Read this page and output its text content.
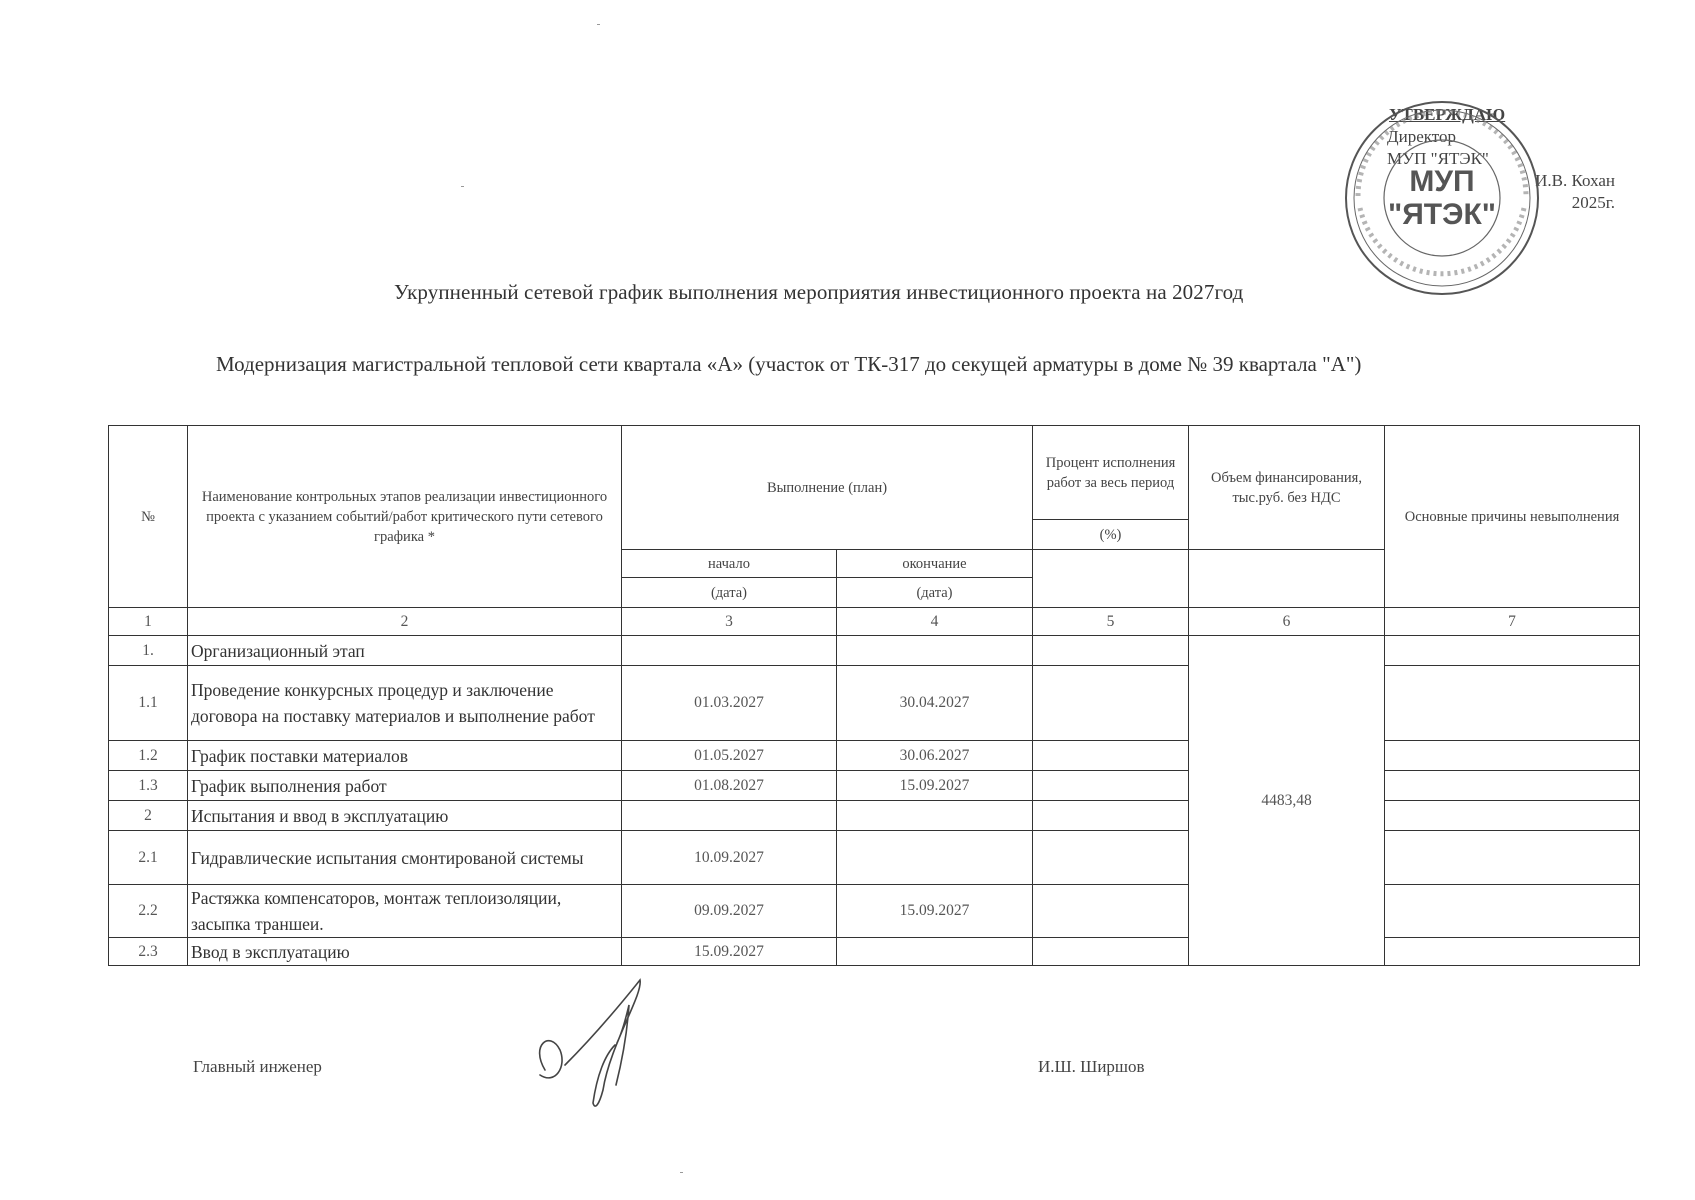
УТВЕРЖДАЮ
Директор
МУП "ЯТЭК"
И.В. Кохан
2025г.
МУП
"ЯТЭК"
Укрупненный сетевой график выполнения мероприятия инвестиционного проекта на 2027год
Модернизация магистральной тепловой сети квартала «А» (участок от ТК-317 до секущей арматуры в доме № 39 квартала "А")
№	Наименование контрольных этапов реализации инвестиционного проекта с указанием событий/работ критического пути сетевого графика *	Выполнение (план)		Процент исполнения работ за весь период	Объем финансирования, тыс.руб. без НДС	Основные причины невыполнения
				(%)		
		начало	окончание			
		(дата)	(дата)			
1	2	3	4	5	6	7
1.	Организационный этап				4483,48	
1.1	Проведение конкурсных процедур и заключение договора на поставку материалов и выполнение работ	01.03.2027	30.04.2027			
1.2	График поставки материалов	01.05.2027	30.06.2027			
1.3	График выполнения работ	01.08.2027	15.09.2027			
2	Испытания и ввод в эксплуатацию					
2.1	Гидравлические испытания смонтированой системы	10.09.2027				
2.2	Растяжка компенсаторов, монтаж теплоизоляции, засыпка траншеи.	09.09.2027	15.09.2027			
2.3	Ввод в эксплуатацию	15.09.2027				
Главный инженер	И.Ш. Ширшов
